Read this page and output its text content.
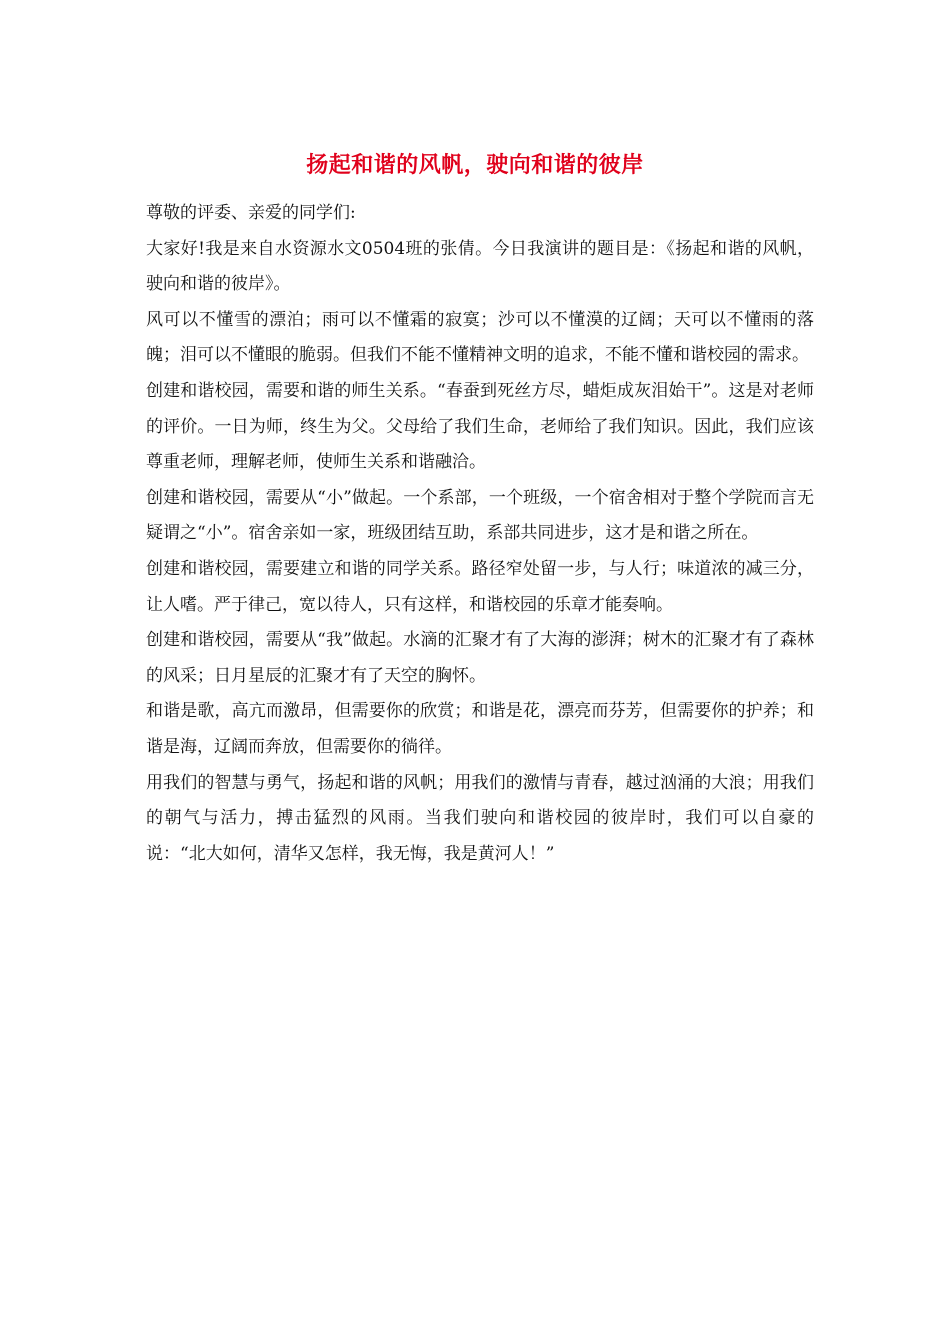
扬起和谐的风帆，驶向和谐的彼岸

尊敬的评委、亲爱的同学们:

大家好!我是来自水资源水文0504班的张倩。今日我演讲的题目是：《扬起和谐的风帆，驶向和谐的彼岸》。

风可以不懂雪的漂泊；雨可以不懂霜的寂寞；沙可以不懂漠的辽阔；天可以不懂雨的落魄；泪可以不懂眼的脆弱。但我们不能不懂精神文明的追求，不能不懂和谐校园的需求。

创建和谐校园，需要和谐的师生关系。“春蚕到死丝方尽，蜡炬成灰泪始干”。这是对老师的评价。一日为师，终生为父。父母给了我们生命，老师给了我们知识。因此，我们应该尊重老师，理解老师，使师生关系和谐融洽。

创建和谐校园，需要从“小”做起。一个系部，一个班级，一个宿舍相对于整个学院而言无疑谓之“小”。宿舍亲如一家，班级团结互助，系部共同进步，这才是和谐之所在。

创建和谐校园，需要建立和谐的同学关系。路径窄处留一步，与人行；味道浓的减三分，让人嗜。严于律己，宽以待人，只有这样，和谐校园的乐章才能奏响。

创建和谐校园，需要从“我”做起。水滴的汇聚才有了大海的澎湃；树木的汇聚才有了森林的风采；日月星辰的汇聚才有了天空的胸怀。

和谐是歌，高亢而激昂，但需要你的欣赏；和谐是花，漂亮而芬芳，但需要你的护养；和谐是海，辽阔而奔放，但需要你的徜徉。

用我们的智慧与勇气，扬起和谐的风帆；用我们的激情与青春，越过汹涌的大浪；用我们的朝气与活力，搏击猛烈的风雨。当我们驶向和谐校园的彼岸时，我们可以自豪的说：“北大如何，清华又怎样，我无悔，我是黄河人！”
